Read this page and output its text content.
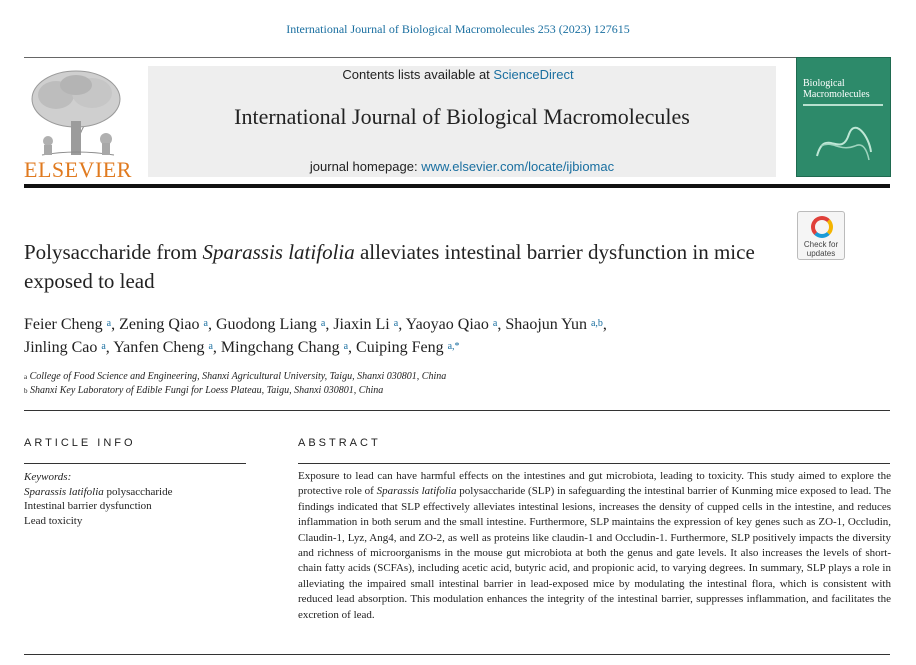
International Journal of Biological Macromolecules 253 (2023) 127615
ELSEVIER
Contents lists available at ScienceDirect
International Journal of Biological Macromolecules
journal homepage: www.elsevier.com/locate/ijbiomac
Biological Macromolecules
Check for updates
Polysaccharide from Sparassis latifolia alleviates intestinal barrier dysfunction in mice exposed to lead
Feier Cheng $^a$, Zening Qiao $^a$, Guodong Liang $^a$, Jiaxin Li $^a$, Yaoyao Qiao $^a$, Shaojun Yun $^{a,b}$,
Jinling Cao $^a$, Yanfen Cheng $^a$, Mingchang Chang $^a$, Cuiping Feng $^{a,*}$
$^a$ College of Food Science and Engineering, Shanxi Agricultural University, Taigu, Shanxi 030801, China
$^b$ Shanxi Key Laboratory of Edible Fungi for Loess Plateau, Taigu, Shanxi 030801, China
ARTICLE INFO	ABSTRACT
Keywords:
Sparassis latifolia polysaccharide
Intestinal barrier dysfunction
Lead toxicity
Exposure to lead can have harmful effects on the intestines and gut microbiota, leading to toxicity. This study aimed to explore the protective role of Sparassis latifolia polysaccharide (SLP) in safeguarding the intestinal barrier of Kunming mice exposed to lead. The findings indicated that SLP effectively alleviates intestinal lesions, increases the density of cupped cells in the intestine, and reduces inflammation in both serum and the small intestine. Furthermore, SLP maintains the expression of key genes such as ZO-1, Occludin, Claudin-1, Lyz, Ang4, and ZO-2, as well as proteins like claudin-1 and Occludin-1. Furthermore, SLP positively impacts the diversity and richness of microorganisms in the mouse gut microbiota at both the genus and gate levels. It also increases the levels of short-chain fatty acids (SCFAs), including acetic acid, butyric acid, and propionic acid, to varying degrees. In summary, SLP plays a role in alleviating the impaired small intestinal barrier in lead-exposed mice by modulating the intestinal flora, which is consistent with reduced lead absorption. This modulation enhances the integrity of the intestinal barrier, suppresses inflammation, and facilitates the excretion of lead.
